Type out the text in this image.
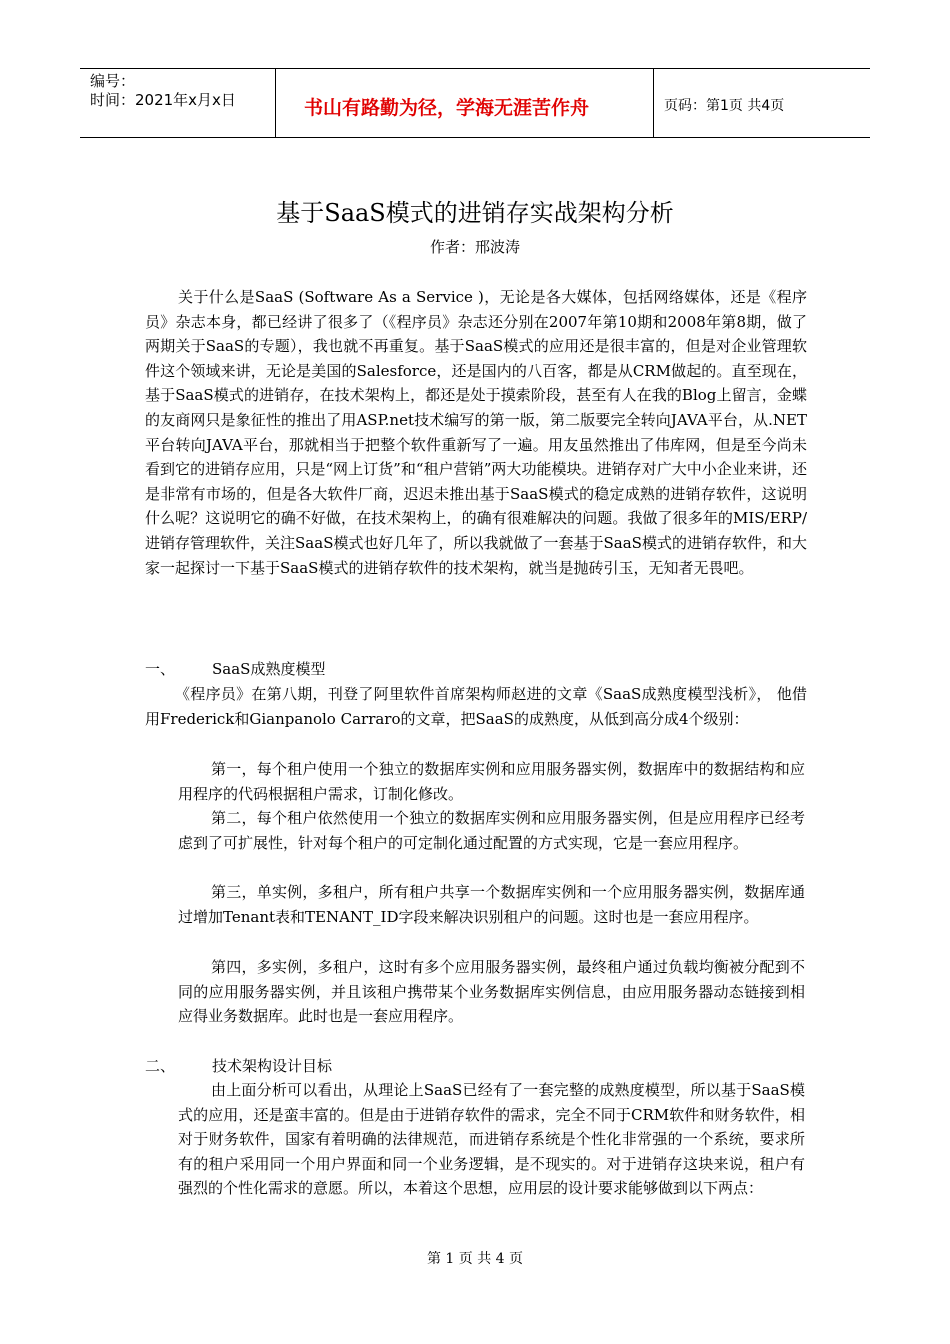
编号：
时间：2021年x月x日	书山有路勤为径，学海无涯苦作舟	页码：第1页 共4页
基于SaaS模式的进销存实战架构分析
作者：邢波涛

关于什么是SaaS (Software As a Service )，无论是各大媒体，包括网络媒体，还是《程序员》杂志本身，都已经讲了很多了（《程序员》杂志还分别在2007年第10期和2008年第8期，做了两期关于SaaS的专题），我也就不再重复。基于SaaS模式的应用还是很丰富的，但是对企业管理软件这个领域来讲，无论是美国的Salesforce，还是国内的八百客，都是从CRM做起的。直至现在，基于SaaS模式的进销存，在技术架构上，都还是处于摸索阶段，甚至有人在我的Blog上留言，金蝶的友商网只是象征性的推出了用ASP.net技术编写的第一版，第二版要完全转向JAVA平台，从.NET平台转向JAVA平台，那就相当于把整个软件重新写了一遍。用友虽然推出了伟库网，但是至今尚未看到它的进销存应用，只是“网上订货”和“租户营销”两大功能模块。进销存对广大中小企业来讲，还是非常有市场的，但是各大软件厂商，迟迟未推出基于SaaS模式的稳定成熟的进销存软件，这说明什么呢？这说明它的确不好做，在技术架构上，的确有很难解决的问题。我做了很多年的MIS/ERP/进销存管理软件，关注SaaS模式也好几年了，所以我就做了一套基于SaaS模式的进销存软件，和大家一起探讨一下基于SaaS模式的进销存软件的技术架构，就当是抛砖引玉，无知者无畏吧。

一、 SaaS成熟度模型

《程序员》在第八期，刊登了阿里软件首席架构师赵进的文章《SaaS成熟度模型浅析》， 他借用Frederick和Gianpanolo Carraro的文章，把SaaS的成熟度，从低到高分成4个级别：

第一，每个租户使用一个独立的数据库实例和应用服务器实例，数据库中的数据结构和应用程序的代码根据租户需求，订制化修改。

第二，每个租户依然使用一个独立的数据库实例和应用服务器实例，但是应用程序已经考虑到了可扩展性，针对每个租户的可定制化通过配置的方式实现，它是一套应用程序。

第三，单实例，多租户，所有租户共享一个数据库实例和一个应用服务器实例，数据库通过增加Tenant表和TENANT_ID字段来解决识别租户的问题。这时也是一套应用程序。

第四，多实例，多租户，这时有多个应用服务器实例，最终租户通过负载均衡被分配到不同的应用服务器实例，并且该租户携带某个业务数据库实例信息，由应用服务器动态链接到相应得业务数据库。此时也是一套应用程序。

二、 技术架构设计目标

由上面分析可以看出，从理论上SaaS已经有了一套完整的成熟度模型，所以基于SaaS模式的应用，还是蛮丰富的。但是由于进销存软件的需求，完全不同于CRM软件和财务软件，相对于财务软件，国家有着明确的法律规范，而进销存系统是个性化非常强的一个系统，要求所有的租户采用同一个用户界面和同一个业务逻辑，是不现实的。对于进销存这块来说，租户有强烈的个性化需求的意愿。所以，本着这个思想，应用层的设计要求能够做到以下两点：

第 1 页 共 4 页
